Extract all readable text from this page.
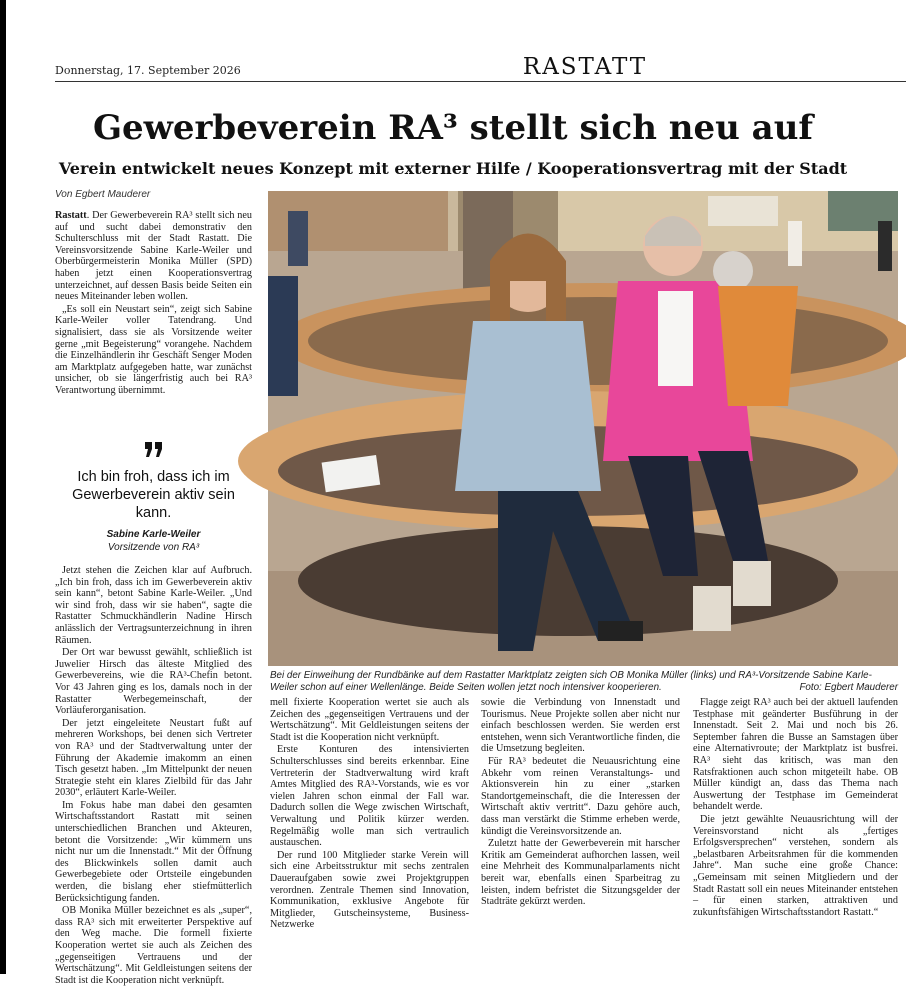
Donnerstag, 17. September 2026	RASTATT
Gewerbeverein RA³ stellt sich neu auf
Verein entwickelt neues Konzept mit externer Hilfe / Kooperationsvertrag mit der Stadt
Von Egbert Mauderer

Rastatt. Der Gewerbeverein RA³ stellt sich neu auf und sucht dabei demonstrativ den Schulterschluss mit der Stadt Rastatt. Die Vereinsvorsitzende Sabine Karle-Weiler und Oberbürgermeisterin Monika Müller (SPD) haben jetzt einen Kooperationsvertrag unterzeichnet, auf dessen Basis beide Seiten ein neues Miteinander leben wollen.

„Es soll ein Neustart sein“, zeigt sich Sabine Karle-Weiler voller Tatendrang. Und signalisiert, dass sie als Vorsitzende weiter gerne „mit Begeisterung“ vorangehe. Nachdem die Einzelhändlerin ihr Geschäft Senger Moden am Marktplatz aufgegeben hatte, war zunächst unsicher, ob sie längerfristig auch bei RA³ Verantwortung übernimmt.

Ich bin froh, dass ich im Gewerbeverein aktiv sein kann.
Sabine Karle-Weiler
Vorsitzende von RA³

Jetzt stehen die Zeichen klar auf Aufbruch. „Ich bin froh, dass ich im Gewerbeverein aktiv sein kann“, betont Sabine Karle-Weiler. „Und wir sind froh, dass wir sie haben“, sagte die Rastatter Schmuckhändlerin Nadine Hirsch anlässlich der Vertragsunterzeichnung in ihren Räumen.

Der Ort war bewusst gewählt, schließlich ist Juwelier Hirsch das älteste Mitglied des Gewerbevereins, wie die RA³-Chefin betont. Vor 43 Jahren ging es los, damals noch in der Rastatter Werbegemeinschaft, der Vorläuferorganisation.

Der jetzt eingeleitete Neustart fußt auf mehreren Workshops, bei denen sich Vertreter von RA³ und der Stadtverwaltung unter der Führung der Akademie imakomm an einen Tisch gesetzt haben. „Im Mittelpunkt der neuen Strategie steht ein klares Zielbild für das Jahr 2030“, erläutert Karle-Weiler.

Im Fokus habe man dabei den gesamten Wirtschaftsstandort Rastatt mit seinen unterschiedlichen Branchen und Akteuren, betont die Vorsitzende: „Wir kümmern uns nicht nur um die Innenstadt.“ Mit der Öffnung des Blickwinkels sollen damit auch Gewerbegebiete oder Ortsteile eingebunden werden, die bislang eher stiefmütterlich Berücksichtigung fanden.

OB Monika Müller bezeichnet es als „super“, dass RA³ sich mit erweiterter Perspektive auf den Weg mache. Die formell fixierte Kooperation wertet sie auch als Zeichen des „gegenseitigen Vertrauens und der Wertschätzung“. Mit Geldleistungen seitens der Stadt ist die Kooperation nicht verknüpft.

Bei der Einweihung der Rundbänke auf dem Rastatter Marktplatz zeigten sich OB Monika Müller (links) und RA³-Vorsitzende Sabine Karle-Weiler schon auf einer Wellenlänge. Beide Seiten wollen jetzt noch intensiver kooperieren.	Foto: Egbert Mauderer

mell fixierte Kooperation wertet sie auch als Zeichen des „gegenseitigen Vertrauens und der Wertschätzung“. Mit Geldleistungen seitens der Stadt ist die Kooperation nicht verknüpft.

Erste Konturen des intensivierten Schulterschlusses sind bereits erkennbar. Eine Vertreterin der Stadtverwaltung wird kraft Amtes Mitglied des RA³-Vorstands, wie es vor vielen Jahren schon einmal der Fall war. Dadurch sollen die Wege zwischen Wirtschaft, Verwaltung und Politik kürzer werden. Regelmäßig wolle man sich vertraulich austauschen.

Der rund 100 Mitglieder starke Verein will sich eine Arbeitsstruktur mit sechs zentralen Daueraufgaben sowie zwei Projektgruppen verordnen. Zentrale Themen sind Innovation, Kommunikation, exklusive Angebote für Mitglieder, Gutscheinsysteme, Business-Netzwerke

sowie die Verbindung von Innenstadt und Tourismus. Neue Projekte sollen aber nicht nur einfach beschlossen werden. Sie werden erst entstehen, wenn sich Verantwortliche finden, die die Umsetzung begleiten.

Für RA³ bedeutet die Neuausrichtung eine Abkehr vom reinen Veranstaltungs- und Aktionsverein hin zu einer „starken Standortgemeinschaft, die die Interessen der Wirtschaft aktiv vertritt“. Dazu gehöre auch, dass man verstärkt die Stimme erheben werde, kündigt die Vereinsvorsitzende an.

Zuletzt hatte der Gewerbeverein mit harscher Kritik am Gemeinderat aufhorchen lassen, weil eine Mehrheit des Kommunalparlaments nicht bereit war, ebenfalls einen Sparbeitrag zu leisten, indem befristet die Sitzungsgelder der Stadträte gekürzt werden.

Flagge zeigt RA³ auch bei der aktuell laufenden Testphase mit geänderter Busführung in der Innenstadt. Seit 2. Mai und noch bis 26. September fahren die Busse an Samstagen über eine Alternativroute; der Marktplatz ist busfrei. RA³ sieht das kritisch, was man den Ratsfraktionen auch schon mitgeteilt habe. OB Müller kündigt an, dass das Thema nach Auswertung der Testphase im Gemeinderat behandelt werde.

Die jetzt gewählte Neuausrichtung will der Vereinsvorstand nicht als „fertiges Erfolgsversprechen“ verstehen, sondern als „belastbaren Arbeitsrahmen für die kommenden Jahre“. Man suche eine große Chance: „Gemeinsam mit seinen Mitgliedern und der Stadt Rastatt soll ein neues Miteinander entstehen – für einen starken, attraktiven und zukunftsfähigen Wirtschaftsstandort Rastatt.“
